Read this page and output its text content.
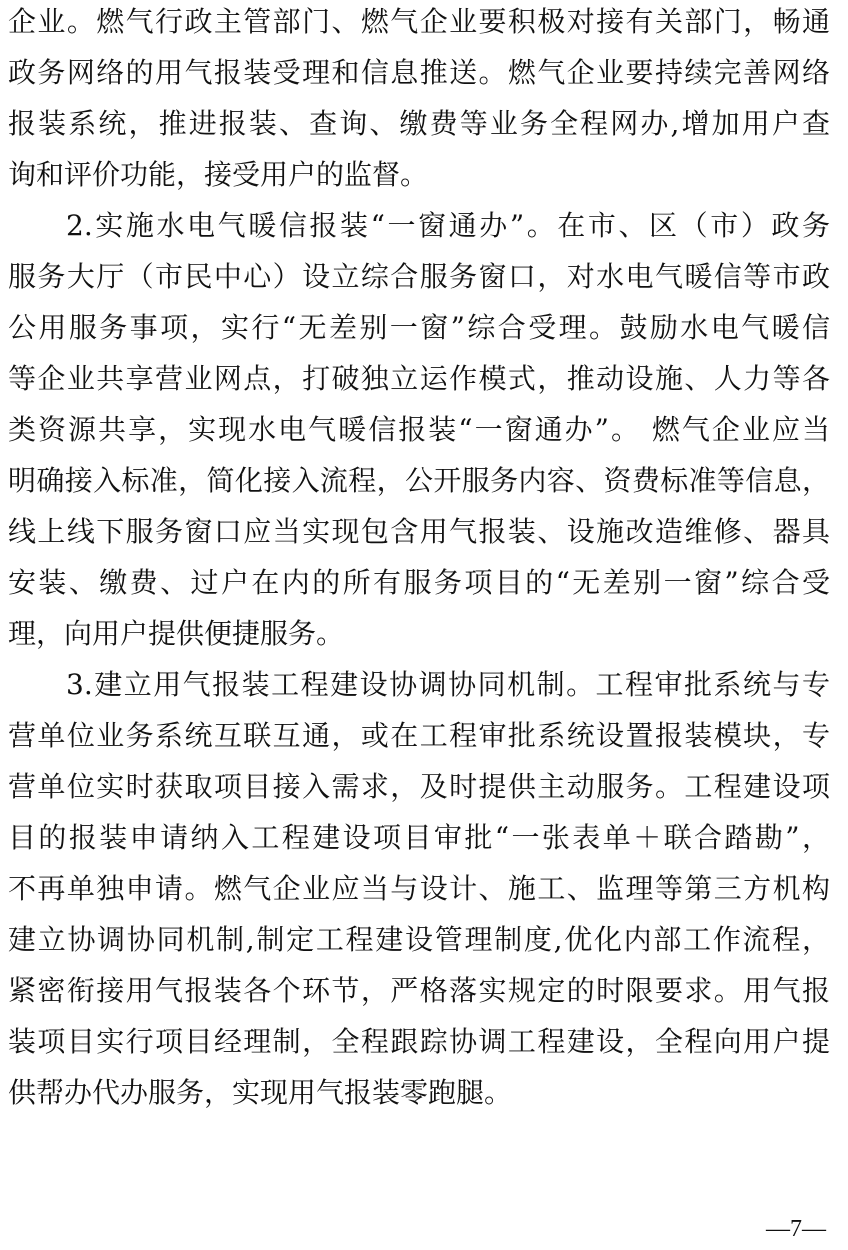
企业。燃气行政主管部门、燃气企业要积极对接有关部门，畅通
政务网络的用气报装受理和信息推送。燃气企业要持续完善网络
报装系统，推进报装、查询、缴费等业务全程网办,增加用户查
询和评价功能，接受用户的监督。
2.实施水电气暖信报装“一窗通办”。在市、区（市）政务
服务大厅（市民中心）设立综合服务窗口，对水电气暖信等市政
公用服务事项，实行“无差别一窗”综合受理。鼓励水电气暖信
等企业共享营业网点，打破独立运作模式，推动设施、人力等各
类资源共享，实现水电气暖信报装“一窗通办”。 燃气企业应当
明确接入标准，简化接入流程，公开服务内容、资费标准等信息，
线上线下服务窗口应当实现包含用气报装、设施改造维修、器具
安装、缴费、过户在内的所有服务项目的“无差别一窗”综合受
理，向用户提供便捷服务。
3.建立用气报装工程建设协调协同机制。工程审批系统与专
营单位业务系统互联互通，或在工程审批系统设置报装模块，专
营单位实时获取项目接入需求，及时提供主动服务。工程建设项
目的报装申请纳入工程建设项目审批“一张表单＋联合踏勘”，
不再单独申请。燃气企业应当与设计、施工、监理等第三方机构
建立协调协同机制,制定工程建设管理制度,优化内部工作流程，
紧密衔接用气报装各个环节，严格落实规定的时限要求。用气报
装项目实行项目经理制，全程跟踪协调工程建设，全程向用户提
供帮办代办服务，实现用气报装零跑腿。
—7—
